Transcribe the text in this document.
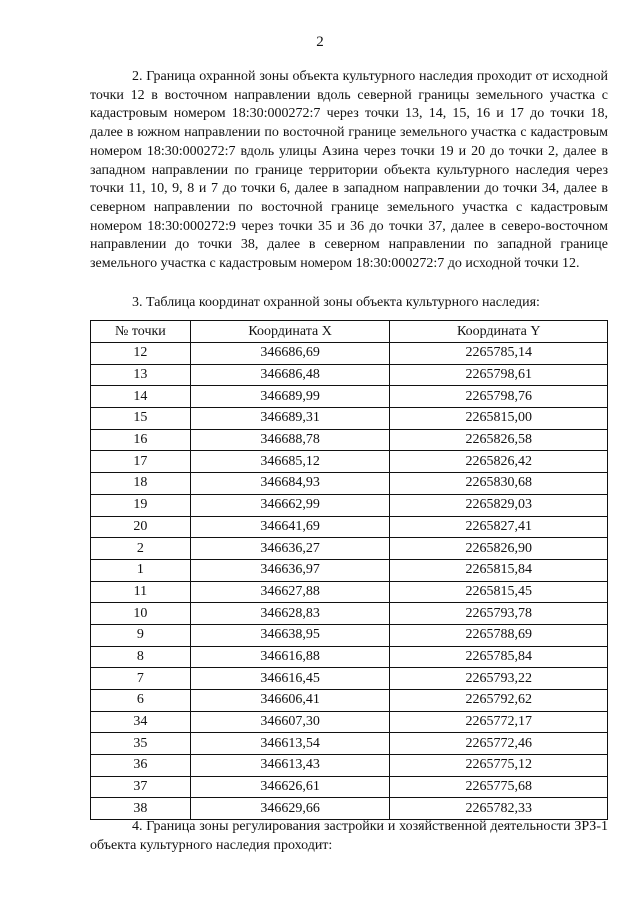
2

2. Граница охранной зоны объекта культурного наследия проходит от исходной точки 12 в восточном направлении вдоль северной границы земельного участка с кадастровым номером 18:30:000272:7 через точки 13, 14, 15, 16 и 17 до точки 18, далее в южном направлении по восточной границе земельного участка с кадастровым номером 18:30:000272:7 вдоль улицы Азина через точки 19 и 20 до точки 2, далее в западном направлении по границе территории объекта культурного наследия через точки 11, 10, 9, 8 и 7 до точки 6, далее в западном направлении до точки 34, далее в северном направлении по восточной границе земельного участка с кадастровым номером 18:30:000272:9 через точки 35 и 36 до точки 37, далее в северо-восточном направлении до точки 38, далее в северном направлении по западной границе земельного участка с кадастровым номером 18:30:000272:7 до исходной точки 12.

3. Таблица координат охранной зоны объекта культурного наследия:

№ точки	Координата X	Координата Y
12	346686,69	2265785,14
13	346686,48	2265798,61
14	346689,99	2265798,76
15	346689,31	2265815,00
16	346688,78	2265826,58
17	346685,12	2265826,42
18	346684,93	2265830,68
19	346662,99	2265829,03
20	346641,69	2265827,41
2	346636,27	2265826,90
1	346636,97	2265815,84
11	346627,88	2265815,45
10	346628,83	2265793,78
9	346638,95	2265788,69
8	346616,88	2265785,84
7	346616,45	2265793,22
6	346606,41	2265792,62
34	346607,30	2265772,17
35	346613,54	2265772,46
36	346613,43	2265775,12
37	346626,61	2265775,68
38	346629,66	2265782,33

4. Граница зоны регулирования застройки и хозяйственной деятельности ЗРЗ-1 объекта культурного наследия проходит:
